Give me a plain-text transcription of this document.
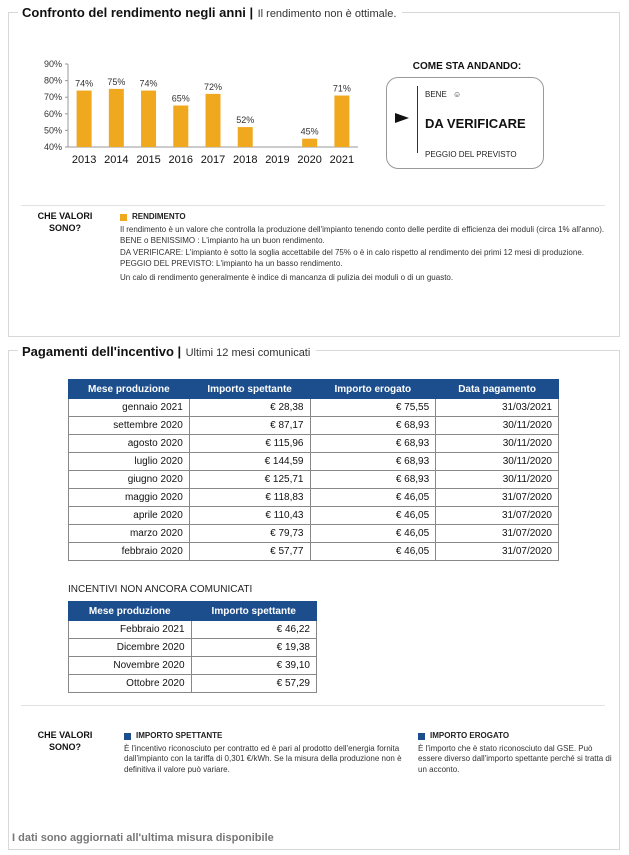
Confronto del rendimento negli anni | Il rendimento non è ottimale.
40%
50%
60%
70%
80%
90%
74%
2013
75%
2014
74%
2015
65%
2016
72%
2017
52%
2018 2019
45%
2020
71%
2021
COME STA ANDANDO:
BENE ☺
DA VERIFICARE
PEGGIO DEL PREVISTO
CHE VALORI SONO?
RENDIMENTO

Il rendimento è un valore che controlla la produzione dell'impianto tenendo conto delle perdite di efficienza dei moduli (circa 1% all'anno).

BENE o BENISSIMO : L'impianto ha un buon rendimento.

DA VERIFICARE: L'impianto è sotto la soglia accettabile del 75% o è in calo rispetto al rendimento dei primi 12 mesi di produzione.

PEGGIO DEL PREVISTO: L'impianto ha un basso rendimento.

Un calo di rendimento generalmente è indice di mancanza di pulizia dei moduli o di un guasto.

Pagamenti dell'incentivo | Ultimi 12 mesi comunicati
Mese produzione	Importo spettante	Importo erogato	Data pagamento
gennaio 2021	€ 28,38	€ 75,55	31/03/2021
settembre 2020	€ 87,17	€ 68,93	30/11/2020
agosto 2020	€ 115,96	€ 68,93	30/11/2020
luglio 2020	€ 144,59	€ 68,93	30/11/2020
giugno 2020	€ 125,71	€ 68,93	30/11/2020
maggio 2020	€ 118,83	€ 46,05	31/07/2020
aprile 2020	€ 110,43	€ 46,05	31/07/2020
marzo 2020	€ 79,73	€ 46,05	31/07/2020
febbraio 2020	€ 57,77	€ 46,05	31/07/2020
INCENTIVI NON ANCORA COMUNICATI
Mese produzione	Importo spettante
Febbraio 2021	€ 46,22
Dicembre 2020	€ 19,38
Novembre 2020	€ 39,10
Ottobre 2020	€ 57,29
CHE VALORI SONO?
IMPORTO SPETTANTE

È l'incentivo riconosciuto per contratto ed è pari al prodotto dell'energia fornita dall'impianto con la tariffa di 0,301 €/kWh. Se la misura della produzione non è definitiva il valore può variare.

IMPORTO EROGATO

È l'importo che è stato riconosciuto dal GSE. Può essere diverso dall'importo spettante perché si tratta di un acconto.

I dati sono aggiornati all'ultima misura disponibile
